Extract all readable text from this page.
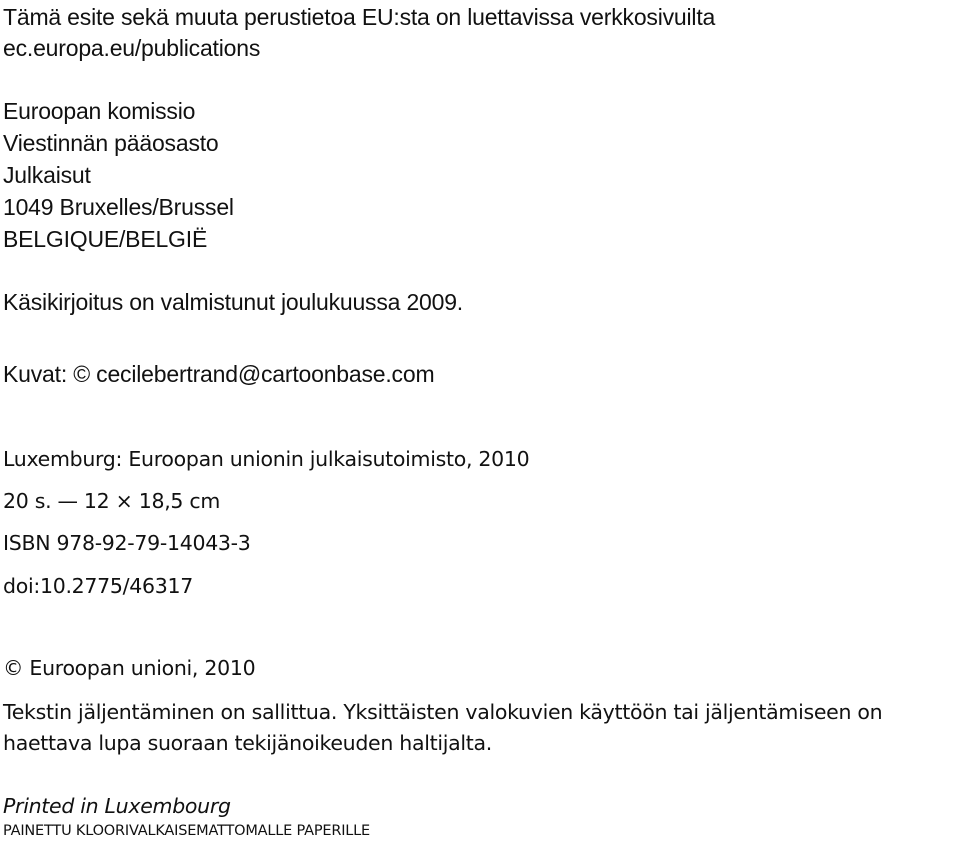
Tämä esite sekä muuta perustietoa EU:sta on luettavissa verkkosivuilta
ec.europa.eu/publications
Euroopan komissio
Viestinnän pääosasto
Julkaisut
1049 Bruxelles/Brussel
BELGIQUE/BELGIË
Käsikirjoitus on valmistunut joulukuussa 2009.
Kuvat: © cecilebertrand@cartoonbase.com
Luxemburg: Euroopan unionin julkaisutoimisto, 2010
20 s. — 12 × 18,5 cm
ISBN 978-92-79-14043-3
doi:10.2775/46317
© Euroopan unioni, 2010
Tekstin jäljentäminen on sallittua. Yksittäisten valokuvien käyttöön tai jäljentämiseen on
haettava lupa suoraan tekijänoikeuden haltijalta.
Printed in Luxembourg
PAINETTU KLOORIVALKAISEMATTOMALLE PAPERILLE
